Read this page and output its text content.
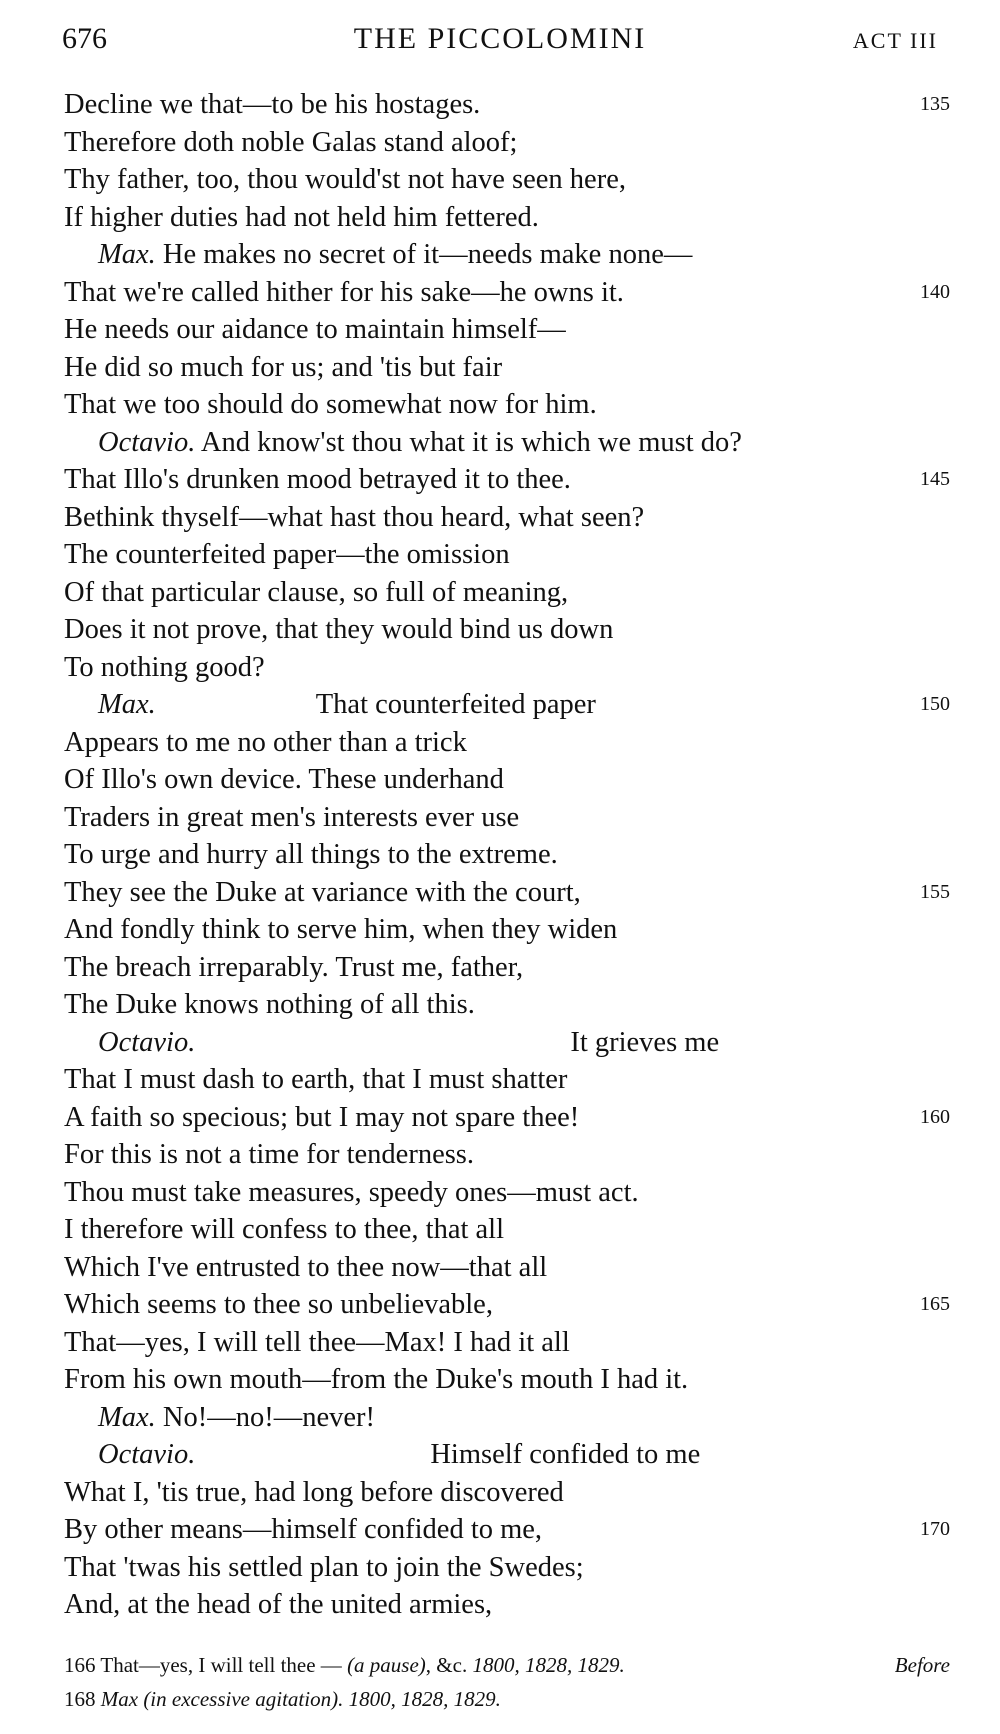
676	THE PICCOLOMINI	ACT III
Decline we that—to be his hostages.	135
Therefore doth noble Galas stand aloof;
Thy father, too, thou would'st not have seen here,
If higher duties had not held him fettered.
Max. He makes no secret of it—needs make none—
That we're called hither for his sake—he owns it.	140
He needs our aidance to maintain himself—
He did so much for us; and 'tis but fair
That we too should do somewhat now for him.
Octavio. And know'st thou what it is which we must do?
That Illo's drunken mood betrayed it to thee.	145
Bethink thyself—what hast thou heard, what seen?
The counterfeited paper—the omission
Of that particular clause, so full of meaning,
Does it not prove, that they would bind us down
To nothing good?
Max.	That counterfeited paper	150
Appears to me no other than a trick
Of Illo's own device. These underhand
Traders in great men's interests ever use
To urge and hurry all things to the extreme.
They see the Duke at variance with the court,	155
And fondly think to serve him, when they widen
The breach irreparably. Trust me, father,
The Duke knows nothing of all this.
Octavio.	It grieves me
That I must dash to earth, that I must shatter
A faith so specious; but I may not spare thee!	160
For this is not a time for tenderness.
Thou must take measures, speedy ones—must act.
I therefore will confess to thee, that all
Which I've entrusted to thee now—that all
Which seems to thee so unbelievable,	165
That—yes, I will tell thee—Max! I had it all
From his own mouth—from the Duke's mouth I had it.
Max. No!—no!—never!
Octavio.	Himself confided to me
What I, 'tis true, had long before discovered
By other means—himself confided to me,	170
That 'twas his settled plan to join the Swedes;
And, at the head of the united armies,
166 That—yes, I will tell thee — (a pause), &c. 1800, 1828, 1829.	Before
168 Max (in excessive agitation). 1800, 1828, 1829.
